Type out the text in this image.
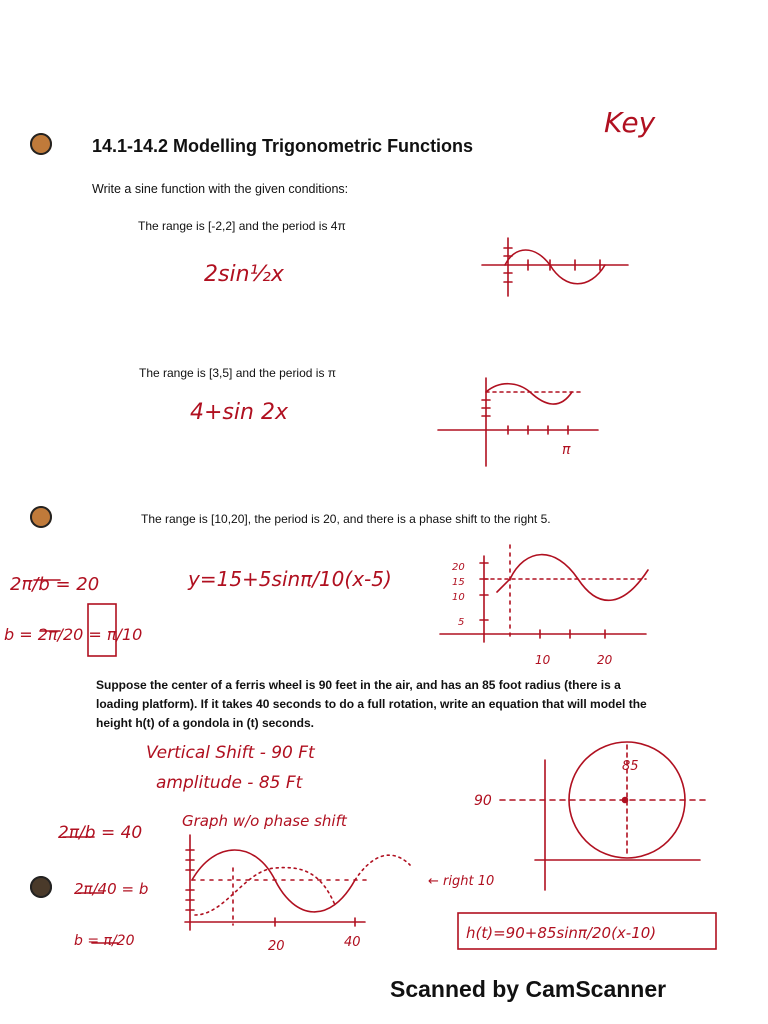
14.1-14.2 Modelling Trigonometric Functions

Write a sine function with the given conditions:

The range is [-2,2] and the period is 4π

The range is [3,5] and the period is π

The range is [10,20], the period is 20, and there is a phase shift to the right 5.

Suppose the center of a ferris wheel is 90 feet in the air, and has an 85 foot radius (there is a loading platform). If it takes 40 seconds to do a full rotation, write an equation that will model the height h(t) of a gondola in (t) seconds.

Scanned by CamScanner

Key
2sin½x
4+sin 2x
y=15+5sinπ/10(x-5)
2π/b = 20
b = 2π/20 = π/10
20
15
10
5
10	20
π
Vertical Shift - 90 Ft
amplitude - 85 Ft
Graph w/o phase shift
2π/b = 40
2π/40 = b
b = π/20	20	40
85
90
← right 10
h(t)=90+85sinπ/20(x-10)
